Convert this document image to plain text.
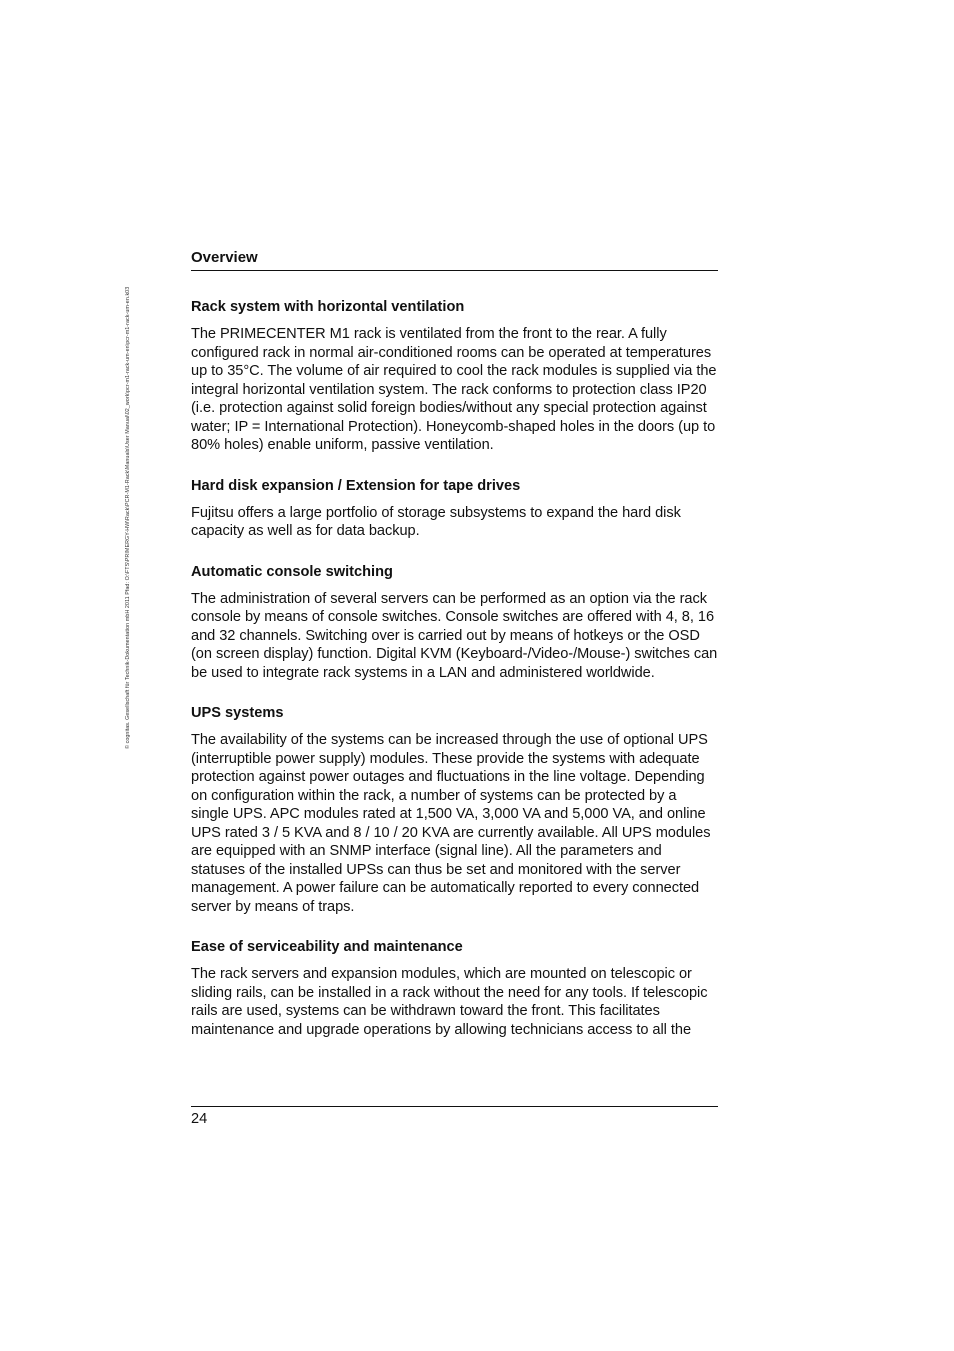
© cognitas. Gesellschaft für Technik-Dokumentation mbH 2011 Pfad: O:\FTS\PRIMERGY-HW\Rack\PCR-M1-Rack\Manuals\User Manual\02_work\pcr-m1-rack-um-en\pcr-m1-rack-um-en.k03
Overview
Rack system with horizontal ventilation

The PRIMECENTER M1 rack is ventilated from the front to the rear. A fully configured rack in normal air-conditioned rooms can be operated at temperatures up to 35°C. The volume of air required to cool the rack modules is supplied via the integral horizontal ventilation system. The rack conforms to protection class IP20 (i.e. protection against solid foreign bodies/without any special protection against water; IP = International Protection). Honeycomb-shaped holes in the doors (up to 80% holes) enable uniform, passive ventilation.

Hard disk expansion / Extension for tape drives

Fujitsu offers a large portfolio of storage subsystems to expand the hard disk capacity as well as for data backup.

Automatic console switching

The administration of several servers can be performed as an option via the rack console by means of console switches. Console switches are offered with 4, 8, 16 and 32 channels. Switching over is carried out by means of hotkeys or the OSD (on screen display) function. Digital KVM (Keyboard-/Video-/Mouse-) switches can be used to integrate rack systems in a LAN and administered worldwide.

UPS systems

The availability of the systems can be increased through the use of optional UPS (interruptible power supply) modules. These provide the systems with adequate protection against power outages and fluctuations in the line voltage. Depending on configuration within the rack, a number of systems can be protected by a single UPS. APC modules rated at 1,500 VA, 3,000 VA and 5,000 VA, and online UPS rated 3 / 5 KVA and 8 / 10 / 20 KVA are currently available. All UPS modules are equipped with an SNMP interface (signal line). All the parameters and statuses of the installed UPSs can thus be set and monitored with the server management. A power failure can be automatically reported to every connected server by means of traps.

Ease of serviceability and maintenance

The rack servers and expansion modules, which are mounted on telescopic or sliding rails, can be installed in a rack without the need for any tools. If telescopic rails are used, systems can be withdrawn toward the front. This facilitates maintenance and upgrade operations by allowing technicians access to all the

24
